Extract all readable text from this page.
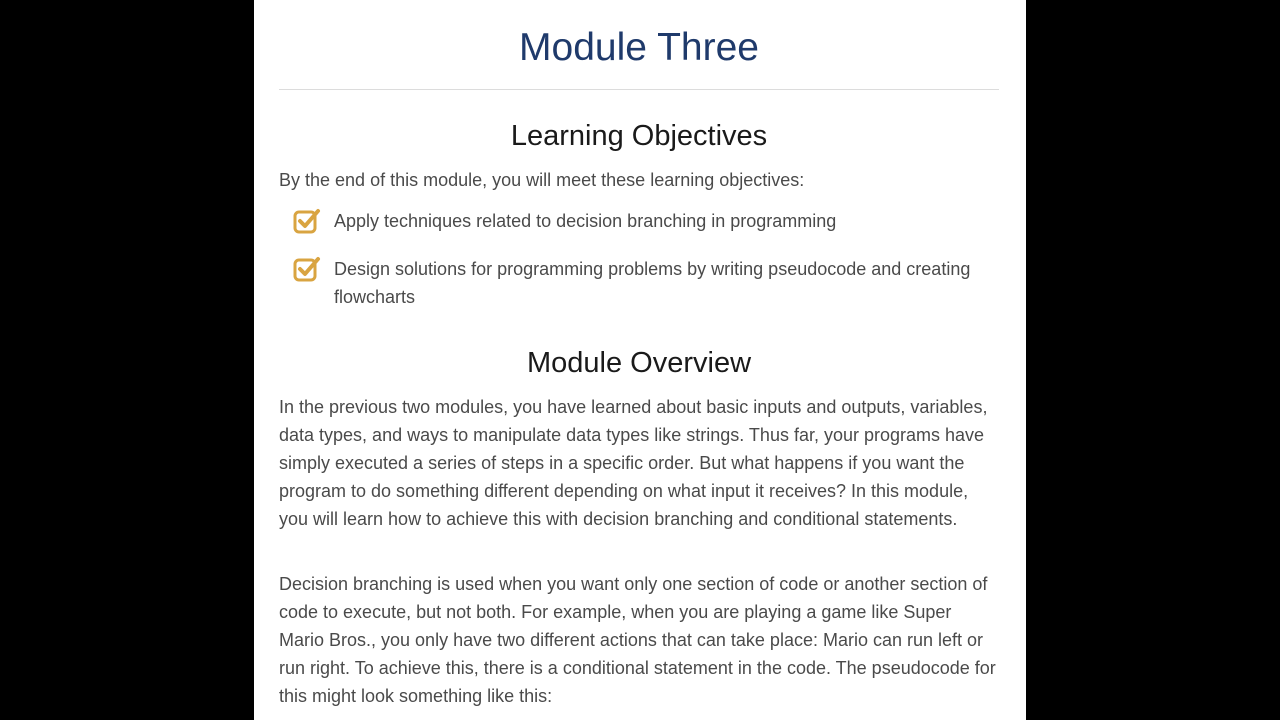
Module Three
Learning Objectives

By the end of this module, you will meet these learning objectives:

Apply techniques related to decision branching in programming
Design solutions for programming problems by writing pseudocode and creating flowcharts
Module Overview

In the previous two modules, you have learned about basic inputs and outputs, variables, data types, and ways to manipulate data types like strings. Thus far, your programs have simply executed a series of steps in a specific order. But what happens if you want the program to do something different depending on what input it receives? In this module, you will learn how to achieve this with decision branching and conditional statements.

Decision branching is used when you want only one section of code or another section of code to execute, but not both. For example, when you are playing a game like Super Mario Bros., you only have two different actions that can take place: Mario can run left or run right. To achieve this, there is a conditional statement in the code. The pseudocode for this might look something like this:
